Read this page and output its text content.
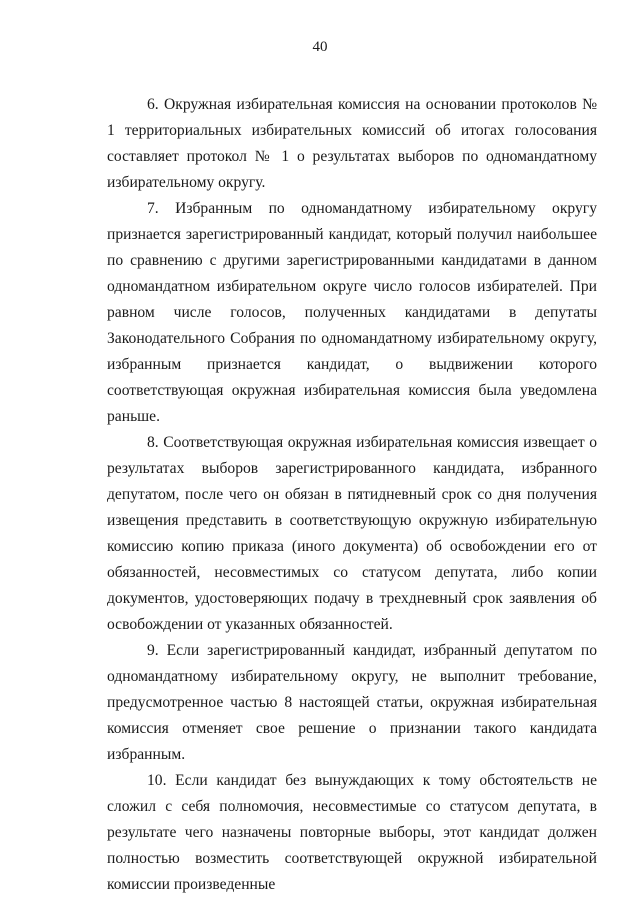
40

6. Окружная избирательная комиссия на основании протоколов № 1 территориальных избирательных комиссий об итогах голосования составляет протокол № 1 о результатах выборов по одномандатному избирательному округу.

7. Избранным по одномандатному избирательному округу признается зарегистрированный кандидат, который получил наибольшее по сравнению с другими зарегистрированными кандидатами в данном одномандатном избирательном округе число голосов избирателей. При равном числе голосов, полученных кандидатами в депутаты Законодательного Собрания по одномандатному избирательному округу, избранным признается кандидат, о выдвижении которого соответствующая окружная избирательная комиссия была уведомлена раньше.

8. Соответствующая окружная избирательная комиссия извещает о результатах выборов зарегистрированного кандидата, избранного депутатом, после чего он обязан в пятидневный срок со дня получения извещения представить в соответствующую окружную избирательную комиссию копию приказа (иного документа) об освобождении его от обязанностей, несовместимых со статусом депутата, либо копии документов, удостоверяющих подачу в трехдневный срок заявления об освобождении от указанных обязанностей.

9. Если зарегистрированный кандидат, избранный депутатом по одномандатному избирательному округу, не выполнит требование, предусмотренное частью 8 настоящей статьи, окружная избирательная комиссия отменяет свое решение о признании такого кандидата избранным.

10. Если кандидат без вынуждающих к тому обстоятельств не сложил с себя полномочия, несовместимые со статусом депутата, в результате чего назначены повторные выборы, этот кандидат должен полностью возместить соответствующей окружной избирательной комиссии произведенные
